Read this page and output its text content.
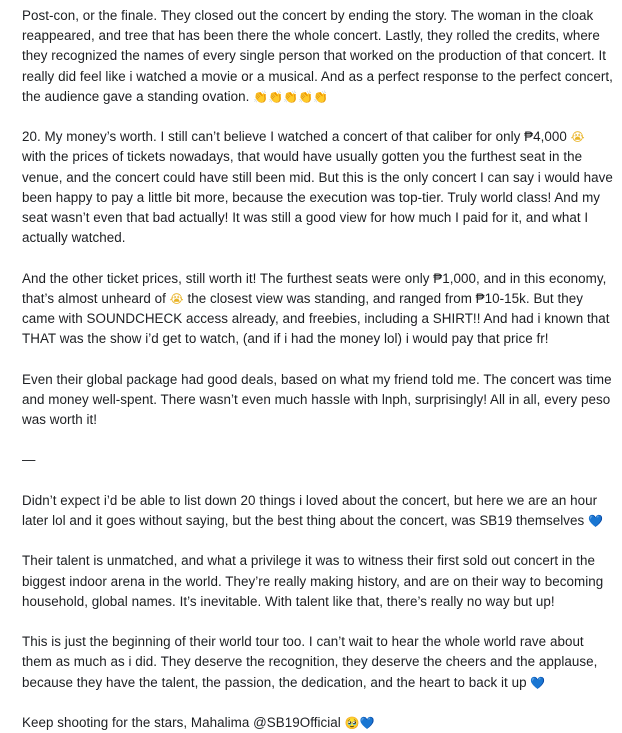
Post-con, or the finale. They closed out the concert by ending the story. The woman in the cloak
reappeared, and tree that has been there the whole concert. Lastly, they rolled the credits, where
they recognized the names of every single person that worked on the production of that concert. It
really did feel like i watched a movie or a musical. And as a perfect response to the perfect concert,
the audience gave a standing ovation. 👏👏👏👏👏
20. My money’s worth. I still can’t believe I watched a concert of that caliber for only ₱4,000 😭
with the prices of tickets nowadays, that would have usually gotten you the furthest seat in the
venue, and the concert could have still been mid. But this is the only concert I can say i would have
been happy to pay a little bit more, because the execution was top-tier. Truly world class! And my
seat wasn’t even that bad actually! It was still a good view for how much I paid for it, and what I
actually watched.
And the other ticket prices, still worth it! The furthest seats were only ₱1,000, and in this economy,
that’s almost unheard of 😭 the closest view was standing, and ranged from ₱10-15k. But they
came with SOUNDCHECK access already, and freebies, including a SHIRT!! And had i known that
THAT was the show i’d get to watch, (and if i had the money lol) i would pay that price fr!
Even their global package had good deals, based on what my friend told me. The concert was time
and money well-spent. There wasn’t even much hassle with lnph, surprisingly! All in all, every peso
was worth it!
—
Didn’t expect i’d be able to list down 20 things i loved about the concert, but here we are an hour
later lol and it goes without saying, but the best thing about the concert, was SB19 themselves 💙
Their talent is unmatched, and what a privilege it was to witness their first sold out concert in the
biggest indoor arena in the world. They’re really making history, and are on their way to becoming
household, global names. It’s inevitable. With talent like that, there’s really no way but up!
This is just the beginning of their world tour too. I can’t wait to hear the whole world rave about
them as much as i did. They deserve the recognition, they deserve the cheers and the applause,
because they have the talent, the passion, the dedication, and the heart to back it up 💙
Keep shooting for the stars, Mahalima @SB19Official 🥹💙
